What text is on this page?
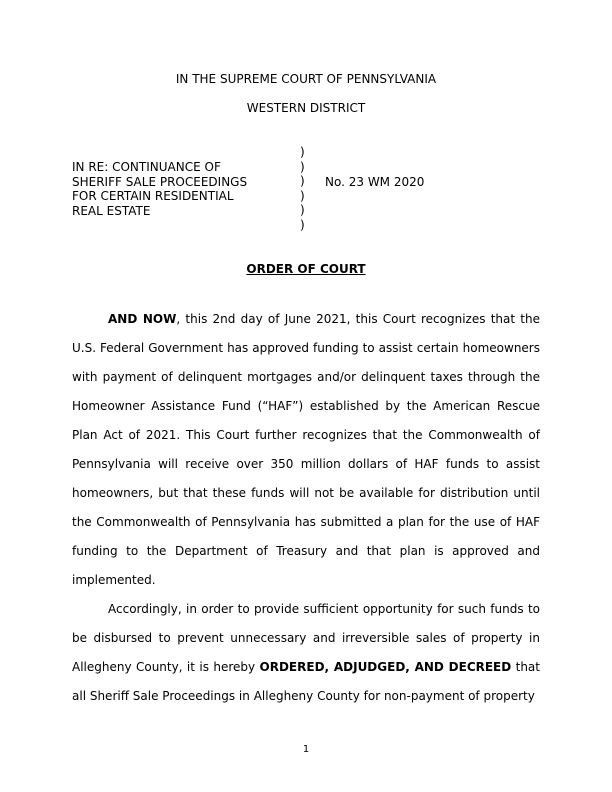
IN THE SUPREME COURT OF PENNSYLVANIA
WESTERN DISTRICT
IN RE: CONTINUANCE OF
SHERIFF SALE PROCEEDINGS
FOR CERTAIN RESIDENTIAL
REAL ESTATE
)
)
)
)
)
)
No. 23 WM 2020
ORDER OF COURT

AND NOW, this 2nd day of June 2021, this Court recognizes that the U.S. Federal Government has approved funding to assist certain homeowners with payment of delinquent mortgages and/or delinquent taxes through the Homeowner Assistance Fund (“HAF”) established by the American Rescue Plan Act of 2021. This Court further recognizes that the Commonwealth of Pennsylvania will receive over 350 million dollars of HAF funds to assist homeowners, but that these funds will not be available for distribution until the Commonwealth of Pennsylvania has submitted a plan for the use of HAF funding to the Department of Treasury and that plan is approved and implemented.

Accordingly, in order to provide sufficient opportunity for such funds to be disbursed to prevent unnecessary and irreversible sales of property in Allegheny County, it is hereby ORDERED, ADJUDGED, AND DECREED that all Sheriff Sale Proceedings in Allegheny County for non-payment of property

1
